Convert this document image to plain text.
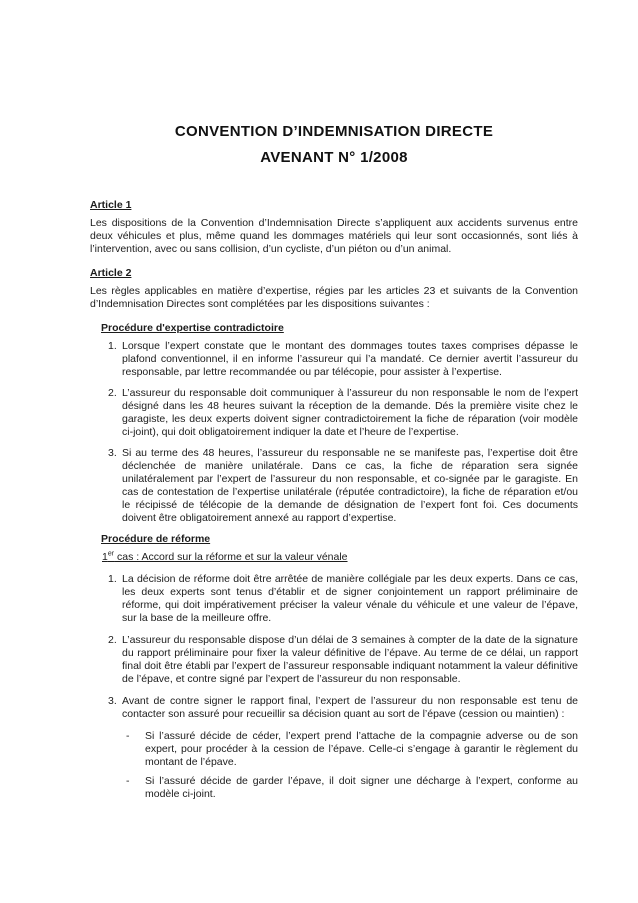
CONVENTION D’INDEMNISATION DIRECTE
AVENANT N° 1/2008
Article 1

Les dispositions de la Convention d’Indemnisation Directe s’appliquent aux accidents survenus entre deux véhicules et plus, même quand les dommages matériels qui leur sont occasionnés, sont liés à l’intervention, avec ou sans collision, d’un cycliste, d’un piéton ou d’un animal.

Article 2

Les règles applicables en matière d’expertise, régies par les articles 23 et suivants de la Convention d’Indemnisation Directes sont complétées par les dispositions suivantes :

Procédure d'expertise contradictoire
1. Lorsque l’expert constate que le montant des dommages toutes taxes comprises dépasse le plafond conventionnel, il en informe l’assureur qui l’a mandaté. Ce dernier avertit l’assureur du responsable, par lettre recommandée ou par télécopie, pour assister à l’expertise.
2. L’assureur du responsable doit communiquer à l’assureur du non responsable le nom de l’expert désigné dans les 48 heures suivant la réception de la demande. Dés la première visite chez le garagiste, les deux experts doivent signer contradictoirement la fiche de réparation (voir modèle ci-joint), qui doit obligatoirement indiquer la date et l’heure de l’expertise.
3. Si au terme des 48 heures, l’assureur du responsable ne se manifeste pas, l’expertise doit être déclenchée de manière unilatérale. Dans ce cas, la fiche de réparation sera signée unilatéralement par l’expert de l’assureur du non responsable, et co-signée par le garagiste. En cas de contestation de l’expertise unilatérale (réputée contradictoire), la fiche de réparation et/ou le récipissé de télécopie de la demande de désignation de l’expert font foi. Ces documents doivent être obligatoirement annexé au rapport d’expertise.
Procédure de réforme
1er cas : Accord sur la réforme et sur la valeur vénale
1. La décision de réforme doit être arrêtée de manière collégiale par les deux experts. Dans ce cas, les deux experts sont tenus d’établir et de signer conjointement un rapport préliminaire de réforme, qui doit impérativement préciser la valeur vénale du véhicule et une valeur de l’épave, sur la base de la meilleure offre.
2. L’assureur du responsable dispose d’un délai de 3 semaines à compter de la date de la signature du rapport préliminaire pour fixer la valeur définitive de l’épave. Au terme de ce délai, un rapport final doit être établi par l’expert de l’assureur responsable indiquant notamment la valeur définitive de l’épave, et contre signé par l’expert de l’assureur du non responsable.
3. Avant de contre signer le rapport final, l’expert de l’assureur du non responsable est tenu de contacter son assuré pour recueillir sa décision quant au sort de l’épave (cession ou maintien) :
-	Si l’assuré décide de céder, l’expert prend l’attache de la compagnie adverse ou de son expert, pour procéder à la cession de l’épave. Celle-ci s’engage à garantir le règlement du montant de l’épave.
-	Si l’assuré décide de garder l’épave, il doit signer une décharge à l’expert, conforme au modèle ci-joint.
